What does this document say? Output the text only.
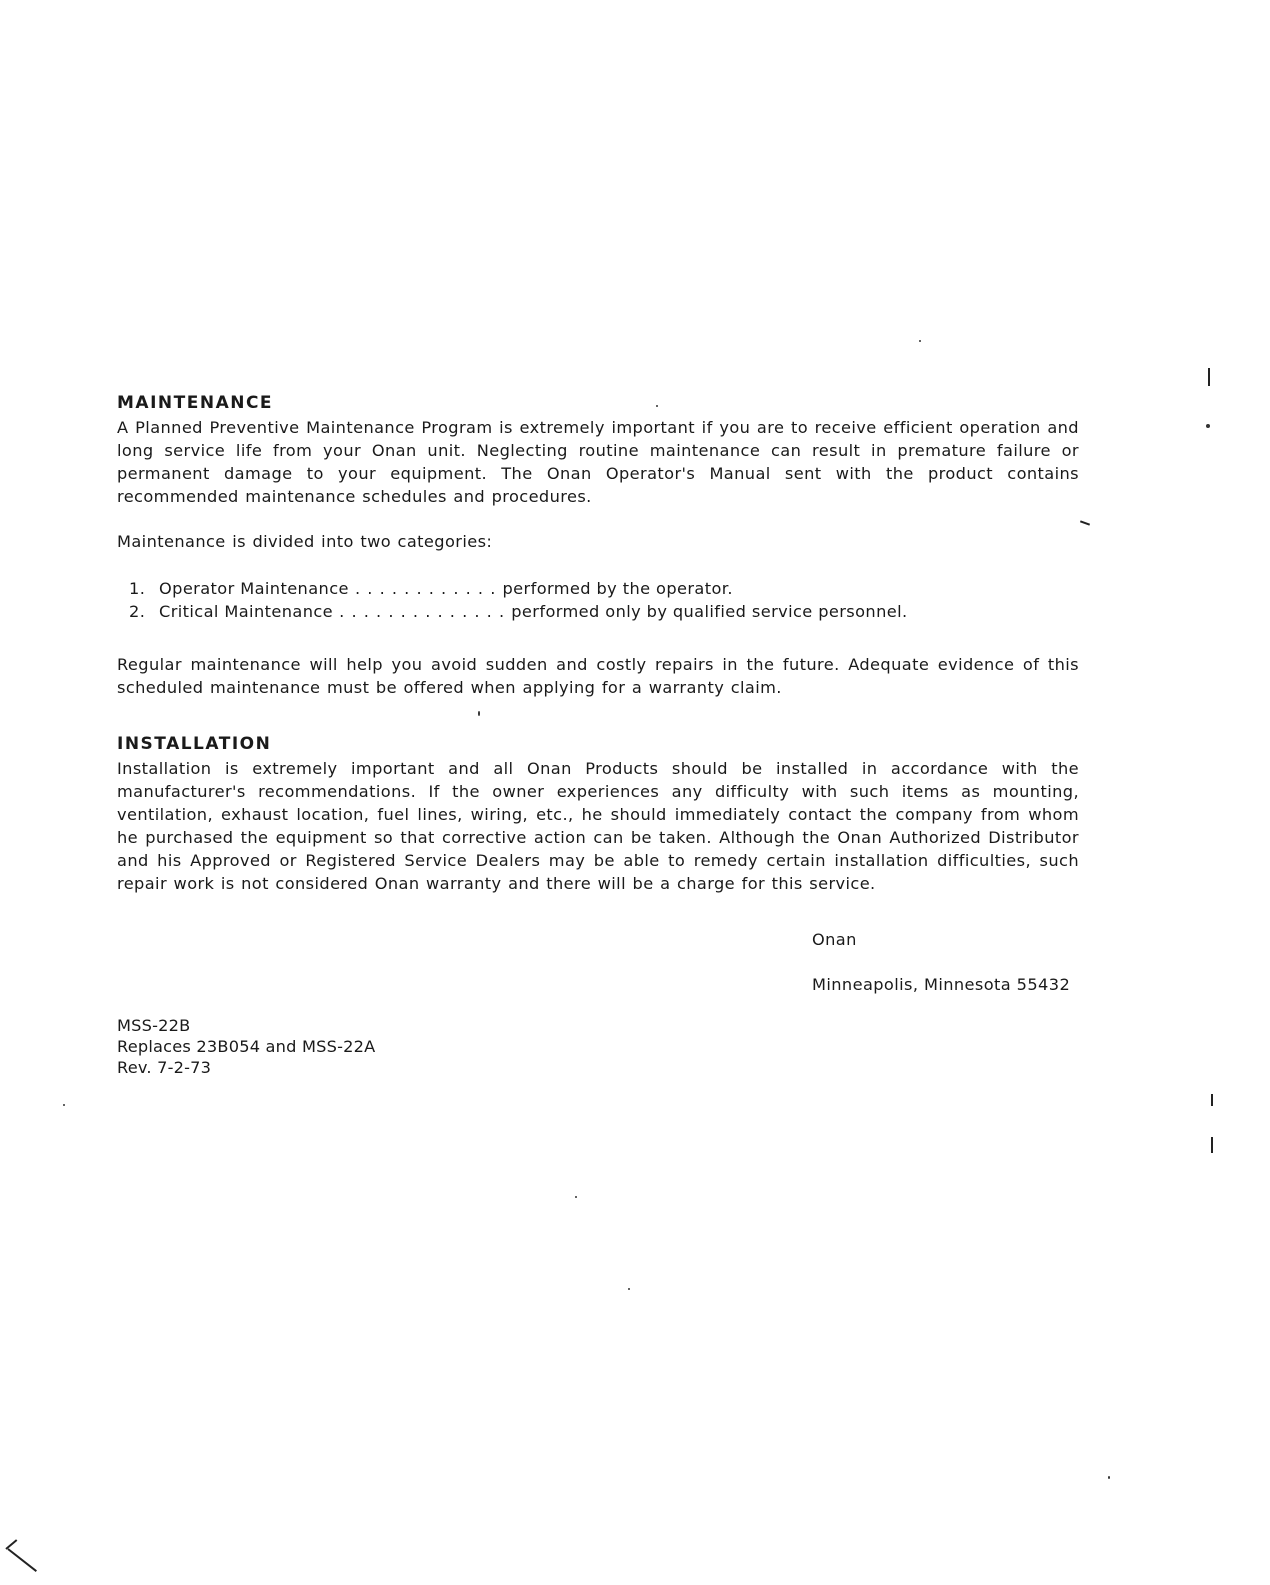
MAINTENANCE

A Planned Preventive Maintenance Program is extremely important if you are to receive efficient operation and long service life from your Onan unit. Neglecting routine maintenance can result in premature failure or permanent damage to your equipment. The Onan Operator's Manual sent with the product contains recommended maintenance schedules and procedures.

Maintenance is divided into two categories:

1. Operator Maintenance . . . . . . . . . . . . performed by the operator.
2. Critical Maintenance . . . . . . . . . . . . . . performed only by qualified service personnel.

Regular maintenance will help you avoid sudden and costly repairs in the future. Adequate evidence of this scheduled maintenance must be offered when applying for a warranty claim.

INSTALLATION

Installation is extremely important and all Onan Products should be installed in accordance with the manufacturer's recommendations. If the owner experiences any difficulty with such items as mounting, ventilation, exhaust location, fuel lines, wiring, etc., he should immediately contact the company from whom he purchased the equipment so that corrective action can be taken. Although the Onan Authorized Distributor and his Approved or Registered Service Dealers may be able to remedy certain installation difficulties, such repair work is not considered Onan warranty and there will be a charge for this service.

Onan
Minneapolis, Minnesota 55432
MSS-22B
Replaces 23B054 and MSS-22A
Rev. 7-2-73
